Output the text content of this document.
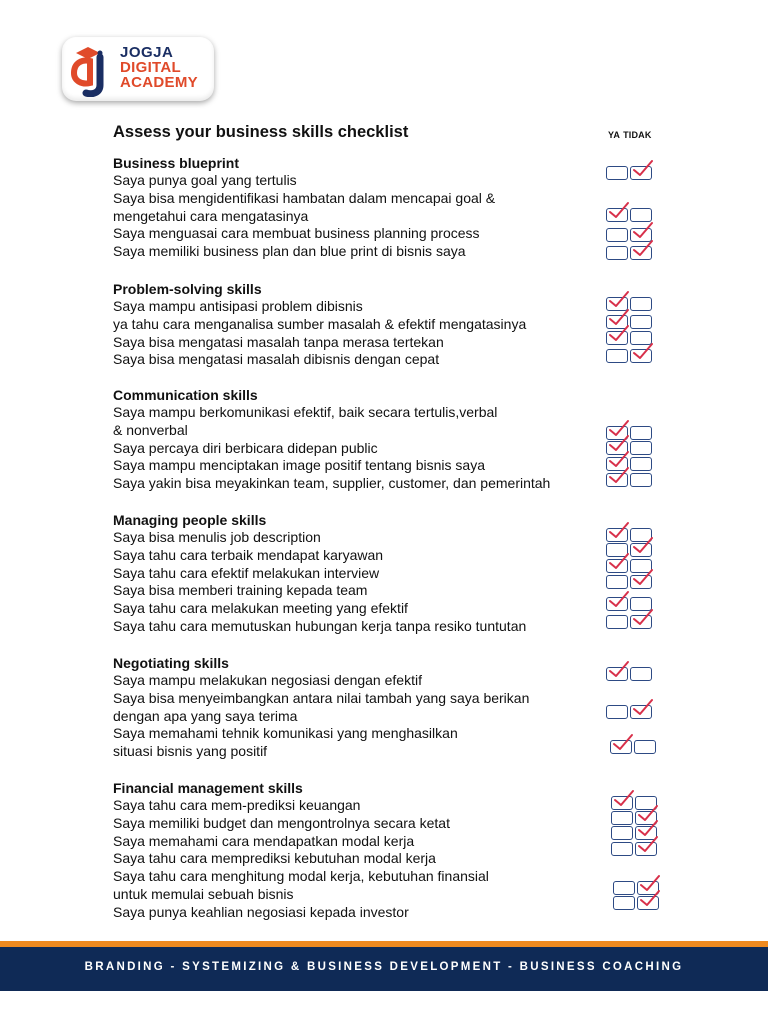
JOGJA
DIGITAL
ACADEMY
Assess your business skills checklist	YA TIDAK
Business blueprint
Saya punya goal yang tertulis
Saya bisa mengidentifikasi hambatan dalam mencapai goal &
mengetahui cara mengatasinya
Saya menguasai cara membuat business planning process
Saya memiliki business plan dan blue print di bisnis saya
Problem-solving skills
Saya mampu antisipasi problem dibisnis
ya tahu cara menganalisa sumber masalah & efektif mengatasinya
Saya bisa mengatasi masalah tanpa merasa tertekan
Saya bisa mengatasi masalah dibisnis dengan cepat
Communication skills
Saya mampu berkomunikasi efektif, baik secara tertulis,verbal
& nonverbal
Saya percaya diri berbicara didepan public
Saya mampu menciptakan image positif tentang bisnis saya
Saya yakin bisa meyakinkan team, supplier, customer, dan pemerintah
Managing people skills
Saya bisa menulis job description
Saya tahu cara terbaik mendapat karyawan
Saya tahu cara efektif melakukan interview
Saya bisa memberi training kepada team
Saya tahu cara melakukan meeting yang efektif
Saya tahu cara memutuskan hubungan kerja tanpa resiko tuntutan
Negotiating skills
Saya mampu melakukan negosiasi dengan efektif
Saya bisa menyeimbangkan antara nilai tambah yang saya berikan
dengan apa yang saya terima
Saya memahami tehnik komunikasi yang menghasilkan
situasi bisnis yang positif
Financial management skills
Saya tahu cara mem-prediksi keuangan
Saya memiliki budget dan mengontrolnya secara ketat
Saya memahami cara mendapatkan modal kerja
Saya tahu cara memprediksi kebutuhan modal kerja
Saya tahu cara menghitung modal kerja, kebutuhan finansial
untuk memulai sebuah bisnis
Saya punya keahlian negosiasi kepada investor
BRANDING - SYSTEMIZING & BUSINESS DEVELOPMENT - BUSINESS COACHING
